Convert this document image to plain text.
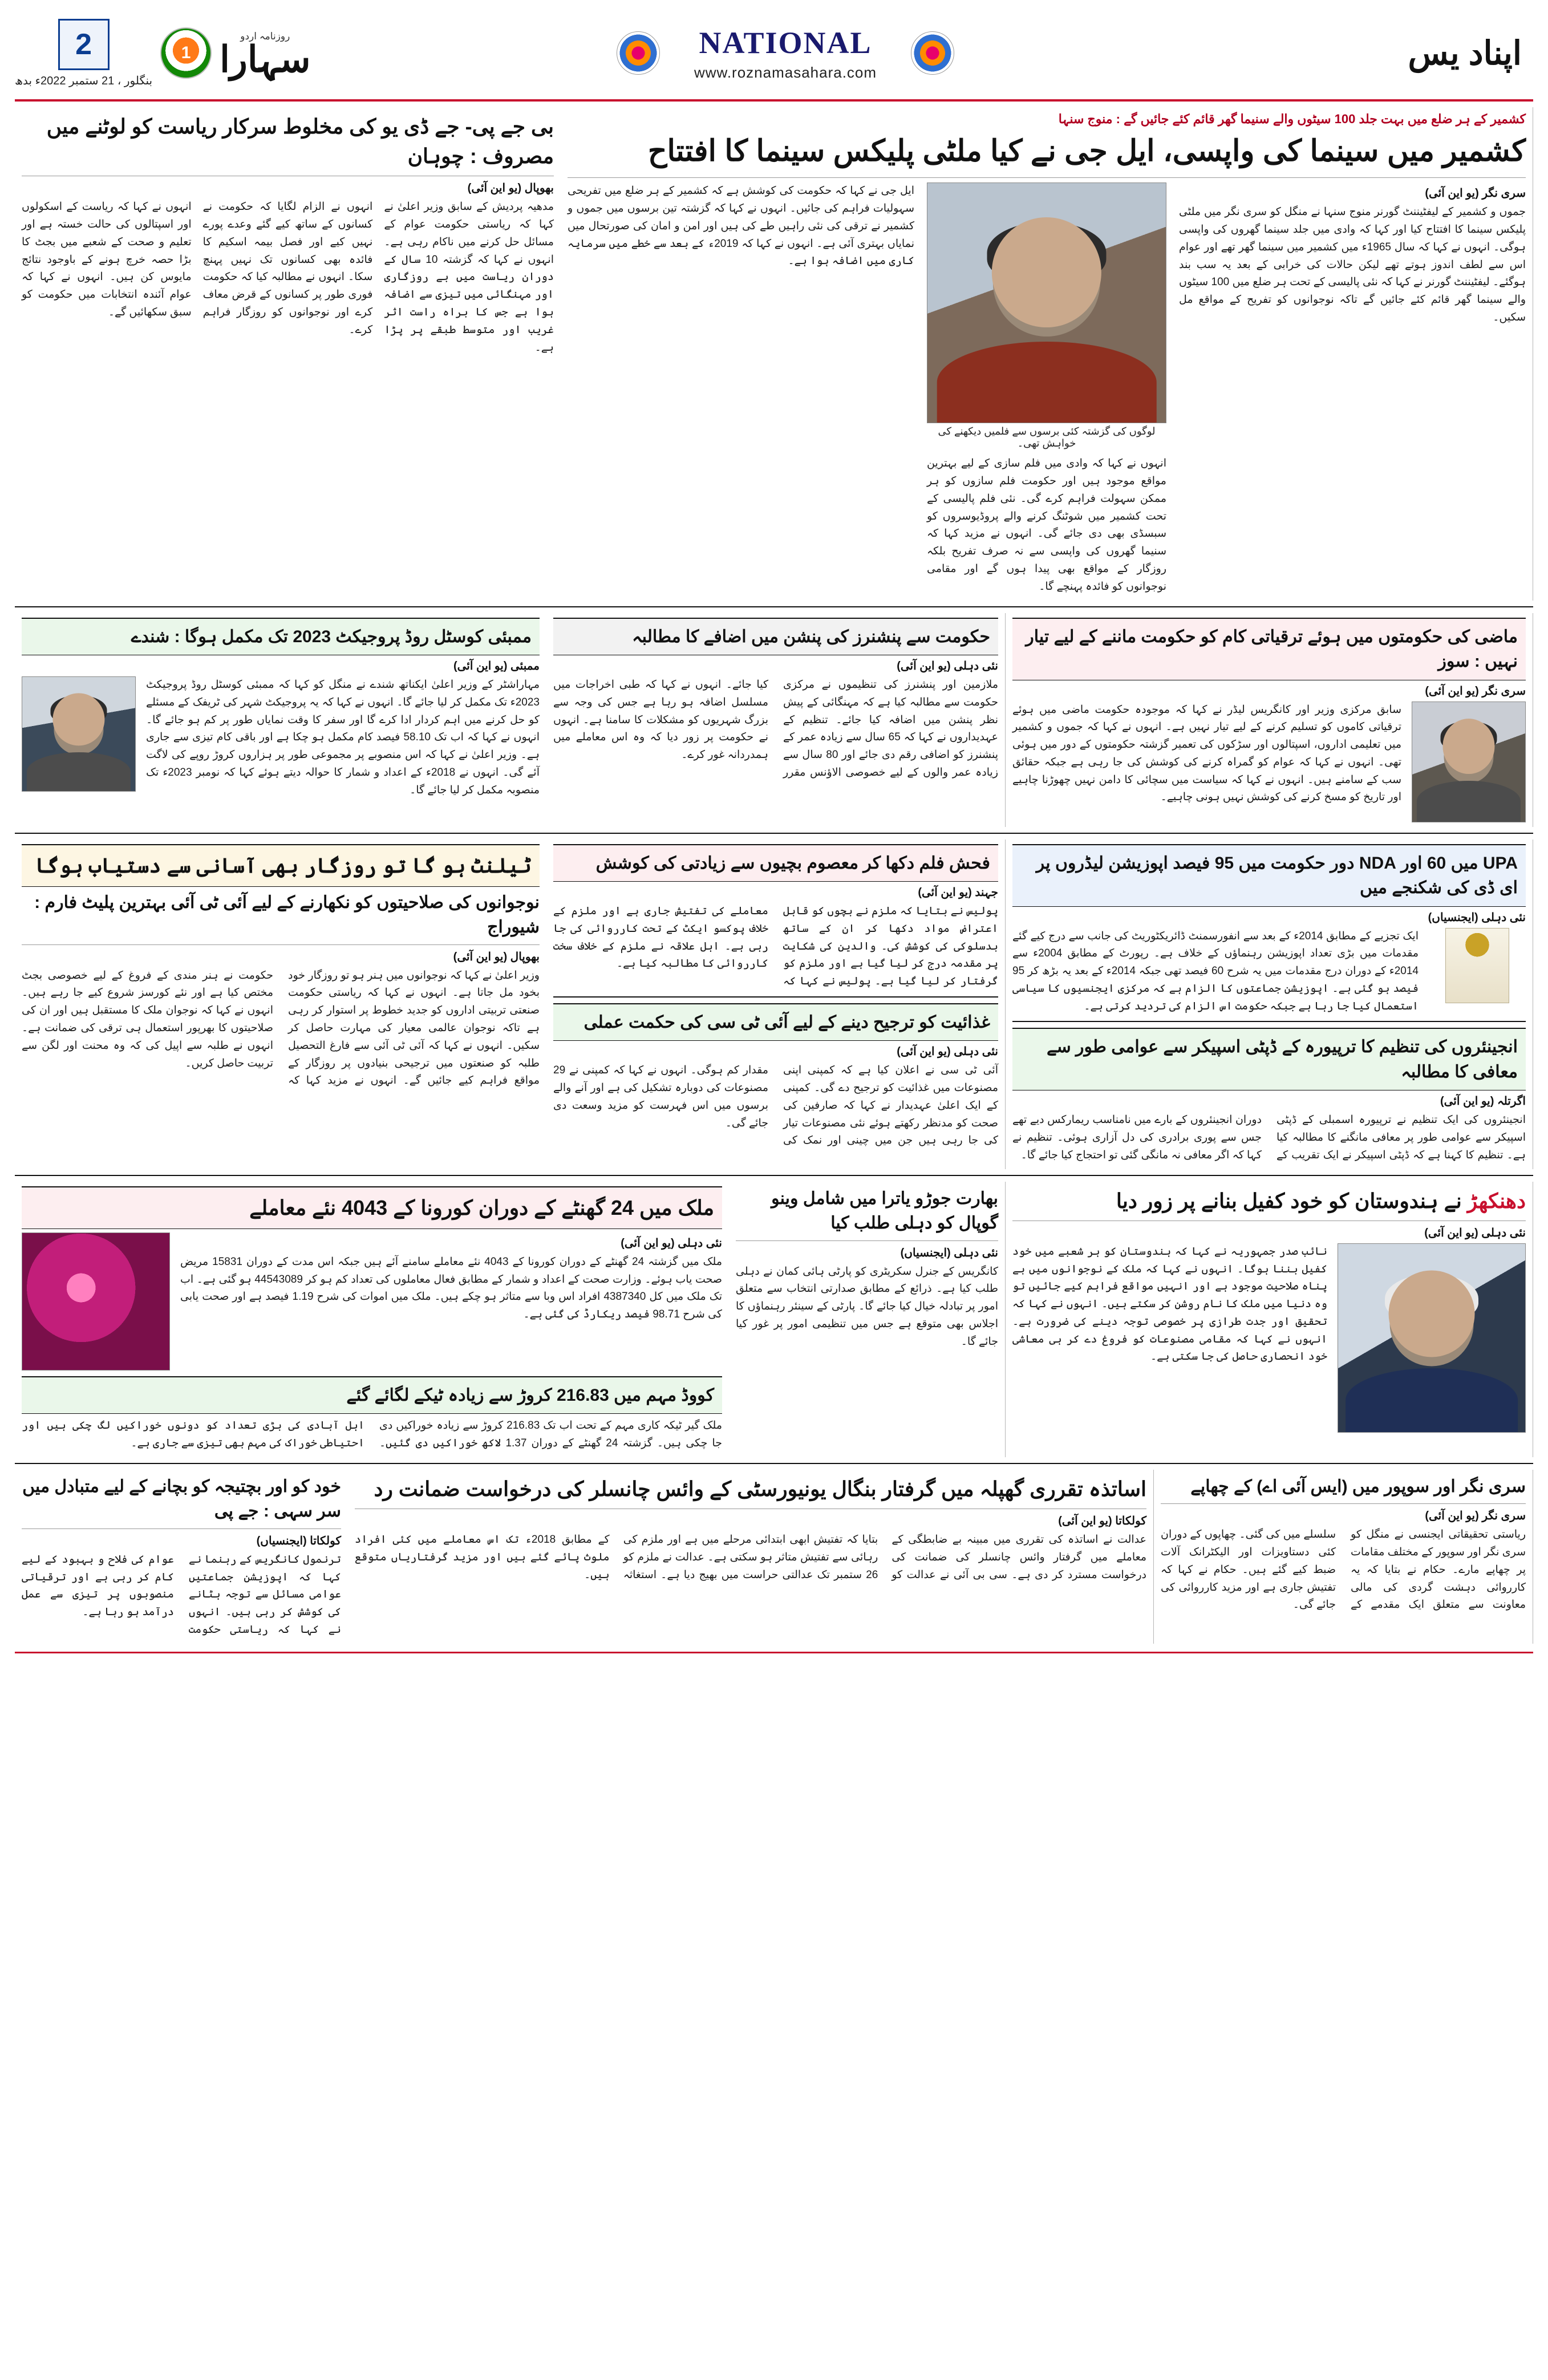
اپناد یس
NATIONAL
www.roznamasahara.com
روزنامہ اردو
سہارا
1
2
بنگلور ، 21 ستمبر 2022ء بدھ
کشمیر کے ہر ضلع میں بہت جلد 100 سیٹوں والے سنیما گھر قائم کئے جائیں گے : منوج سنہا
کشمیر میں سینما کی واپسی، ایل جی نے کیا ملٹی پلیکس سینما کا افتتاح
سری نگر (یو این آئی)
جموں و کشمیر کے لیفٹیننٹ گورنر منوج سنہا نے منگل کو سری نگر میں ملٹی پلیکس سینما کا افتتاح کیا اور کہا کہ وادی میں جلد سینما گھروں کی واپسی ہوگی۔ انہوں نے کہا کہ سال 1965ء میں کشمیر میں سینما گھر تھے اور عوام اس سے لطف اندوز ہوتے تھے لیکن حالات کی خرابی کے بعد یہ سب بند ہوگئے۔ لیفٹیننٹ گورنر نے کہا کہ نئی پالیسی کے تحت ہر ضلع میں 100 سیٹوں والے سینما گھر قائم کئے جائیں گے تاکہ نوجوانوں کو تفریح کے مواقع مل سکیں۔
لوگوں کی گزشتہ کئی برسوں سے فلمیں دیکھنے کی خواہش تھی۔
انہوں نے کہا کہ وادی میں فلم سازی کے لیے بہترین مواقع موجود ہیں اور حکومت فلم سازوں کو ہر ممکن سہولت فراہم کرے گی۔ نئی فلم پالیسی کے تحت کشمیر میں شوٹنگ کرنے والے پروڈیوسروں کو سبسڈی بھی دی جائے گی۔ انہوں نے مزید کہا کہ سنیما گھروں کی واپسی سے نہ صرف تفریح بلکہ روزگار کے مواقع بھی پیدا ہوں گے اور مقامی نوجوانوں کو فائدہ پہنچے گا۔
ایل جی نے کہا کہ حکومت کی کوشش ہے کہ کشمیر کے ہر ضلع میں تفریحی سہولیات فراہم کی جائیں۔ انہوں نے کہا کہ گزشتہ تین برسوں میں جموں و کشمیر نے ترقی کی نئی راہیں طے کی ہیں اور امن و امان کی صورتحال میں نمایاں بہتری آئی ہے۔ انہوں نے کہا کہ 2019ء کے بعد سے خطے میں سرمایہ کاری میں اضافہ ہوا ہے۔
بی جے پی- جے ڈی یو کی مخلوط سرکار ریاست کو لوٹنے میں مصروف : چوہان
بھوپال (یو این آئی)
مدھیہ پردیش کے سابق وزیر اعلیٰ نے کہا کہ ریاستی حکومت عوام کے مسائل حل کرنے میں ناکام رہی ہے۔ انہوں نے کہا کہ گزشتہ 10 سال کے دوران ریاست میں بے روزگاری اور مہنگائی میں تیزی سے اضافہ ہوا ہے جس کا براہ راست اثر غریب اور متوسط طبقے پر پڑا ہے۔
انہوں نے الزام لگایا کہ حکومت نے کسانوں کے ساتھ کیے گئے وعدے پورے نہیں کیے اور فصل بیمہ اسکیم کا فائدہ بھی کسانوں تک نہیں پہنچ سکا۔ انہوں نے مطالبہ کیا کہ حکومت فوری طور پر کسانوں کے قرض معاف کرے اور نوجوانوں کو روزگار فراہم کرے۔
انہوں نے کہا کہ ریاست کے اسکولوں اور اسپتالوں کی حالت خستہ ہے اور تعلیم و صحت کے شعبے میں بجٹ کا بڑا حصہ خرچ ہونے کے باوجود نتائج مایوس کن ہیں۔ انہوں نے کہا کہ عوام آئندہ انتخابات میں حکومت کو سبق سکھائیں گے۔
ماضی کی حکومتوں میں ہوئے ترقیاتی کام کو حکومت ماننے کے لیے تیار نہیں : سوز
سری نگر (یو این آئی)
سابق مرکزی وزیر اور کانگریس لیڈر نے کہا کہ موجودہ حکومت ماضی میں ہوئے ترقیاتی کاموں کو تسلیم کرنے کے لیے تیار نہیں ہے۔ انہوں نے کہا کہ جموں و کشمیر میں تعلیمی اداروں، اسپتالوں اور سڑکوں کی تعمیر گزشتہ حکومتوں کے دور میں ہوئی تھی۔ انہوں نے کہا کہ عوام کو گمراہ کرنے کی کوشش کی جا رہی ہے جبکہ حقائق سب کے سامنے ہیں۔ انہوں نے کہا کہ سیاست میں سچائی کا دامن نہیں چھوڑنا چاہیے اور تاریخ کو مسخ کرنے کی کوشش نہیں ہونی چاہیے۔
حکومت سے پنشنرز کی پنشن میں اضافے کا مطالبہ
نئی دہلی (یو این آئی)
ملازمین اور پنشنرز کی تنظیموں نے مرکزی حکومت سے مطالبہ کیا ہے کہ مہنگائی کے پیش نظر پنشن میں اضافہ کیا جائے۔ تنظیم کے عہدیداروں نے کہا کہ 65 سال سے زیادہ عمر کے پنشنرز کو اضافی رقم دی جائے اور 80 سال سے زیادہ عمر والوں کے لیے خصوصی الاؤنس مقرر کیا جائے۔ انہوں نے کہا کہ طبی اخراجات میں مسلسل اضافہ ہو رہا ہے جس کی وجہ سے بزرگ شہریوں کو مشکلات کا سامنا ہے۔ انہوں نے حکومت پر زور دیا کہ وہ اس معاملے میں ہمدردانہ غور کرے۔
ممبئی کوسٹل روڈ پروجیکٹ 2023 تک مکمل ہوگا : شندے
ممبئی (یو این آئی)
مہاراشٹر کے وزیر اعلیٰ ایکناتھ شندے نے منگل کو کہا کہ ممبئی کوسٹل روڈ پروجیکٹ 2023ء تک مکمل کر لیا جائے گا۔ انہوں نے کہا کہ یہ پروجیکٹ شہر کی ٹریفک کے مسئلے کو حل کرنے میں اہم کردار ادا کرے گا اور سفر کا وقت نمایاں طور پر کم ہو جائے گا۔ انہوں نے کہا کہ اب تک 58.10 فیصد کام مکمل ہو چکا ہے اور باقی کام تیزی سے جاری ہے۔ وزیر اعلیٰ نے کہا کہ اس منصوبے پر مجموعی طور پر ہزاروں کروڑ روپے کی لاگت آئے گی۔ انہوں نے 2018ء کے اعداد و شمار کا حوالہ دیتے ہوئے کہا کہ نومبر 2023ء تک منصوبہ مکمل کر لیا جائے گا۔
UPA میں 60 اور NDA دور حکومت میں 95 فیصد اپوزیشن لیڈروں پر ای ڈی کی شکنجے میں
نئی دہلی (ایجنسیاں)
ایک تجزیے کے مطابق 2014ء کے بعد سے انفورسمنٹ ڈائریکٹوریٹ کی جانب سے درج کیے گئے مقدمات میں بڑی تعداد اپوزیشن رہنماؤں کے خلاف ہے۔ رپورٹ کے مطابق 2004ء سے 2014ء کے دوران درج مقدمات میں یہ شرح 60 فیصد تھی جبکہ 2014ء کے بعد یہ بڑھ کر 95 فیصد ہو گئی ہے۔ اپوزیشن جماعتوں کا الزام ہے کہ مرکزی ایجنسیوں کا سیاسی استعمال کیا جا رہا ہے جبکہ حکومت اس الزام کی تردید کرتی ہے۔
انجینئروں کی تنظیم کا ترپیورہ کے ڈپٹی اسپیکر سے عوامی طور سے معافی کا مطالبہ
اگرتلہ (یو این آئی)
انجینئروں کی ایک تنظیم نے ترپیورہ اسمبلی کے ڈپٹی اسپیکر سے عوامی طور پر معافی مانگنے کا مطالبہ کیا ہے۔ تنظیم کا کہنا ہے کہ ڈپٹی اسپیکر نے ایک تقریب کے دوران انجینئروں کے بارے میں نامناسب ریمارکس دیے تھے جس سے پوری برادری کی دل آزاری ہوئی۔ تنظیم نے کہا کہ اگر معافی نہ مانگی گئی تو احتجاج کیا جائے گا۔
فحش فلم دکھا کر معصوم بچیوں سے زیادتی کی کوشش
جہند (یو این آئی)
پولیس نے بتایا کہ ملزم نے بچوں کو قابل اعتراض مواد دکھا کر ان کے ساتھ بدسلوکی کی کوشش کی۔ والدین کی شکایت پر مقدمہ درج کر لیا گیا ہے اور ملزم کو گرفتار کر لیا گیا ہے۔ پولیس نے کہا کہ معاملے کی تفتیش جاری ہے اور ملزم کے خلاف پوکسو ایکٹ کے تحت کارروائی کی جا رہی ہے۔ اہل علاقہ نے ملزم کے خلاف سخت کارروائی کا مطالبہ کیا ہے۔
غذائیت کو ترجیح دینے کے لیے آئی ٹی سی کی حکمت عملی
نئی دہلی (یو این آئی)
آئی ٹی سی نے اعلان کیا ہے کہ کمپنی اپنی مصنوعات میں غذائیت کو ترجیح دے گی۔ کمپنی کے ایک اعلیٰ عہدیدار نے کہا کہ صارفین کی صحت کو مدنظر رکھتے ہوئے نئی مصنوعات تیار کی جا رہی ہیں جن میں چینی اور نمک کی مقدار کم ہوگی۔ انہوں نے کہا کہ کمپنی نے 29 مصنوعات کی دوبارہ تشکیل کی ہے اور آنے والے برسوں میں اس فہرست کو مزید وسعت دی جائے گی۔
ٹیلنٹ ہو گا تو روزگار بھی آسانی سے دستیاب ہوگا
نوجوانوں کی صلاحیتوں کو نکھارنے کے لیے آئی ٹی آئی بہترین پلیٹ فارم : شیوراج
بھوپال (یو این آئی)
وزیر اعلیٰ نے کہا کہ نوجوانوں میں ہنر ہو تو روزگار خود بخود مل جاتا ہے۔ انہوں نے کہا کہ ریاستی حکومت صنعتی تربیتی اداروں کو جدید خطوط پر استوار کر رہی ہے تاکہ نوجوان عالمی معیار کی مہارت حاصل کر سکیں۔ انہوں نے کہا کہ آئی ٹی آئی سے فارغ التحصیل طلبہ کو صنعتوں میں ترجیحی بنیادوں پر روزگار کے مواقع فراہم کیے جائیں گے۔ انہوں نے مزید کہا کہ حکومت نے ہنر مندی کے فروغ کے لیے خصوصی بجٹ مختص کیا ہے اور نئے کورسز شروع کیے جا رہے ہیں۔ انہوں نے کہا کہ نوجوان ملک کا مستقبل ہیں اور ان کی صلاحیتوں کا بھرپور استعمال ہی ترقی کی ضمانت ہے۔ انہوں نے طلبہ سے اپیل کی کہ وہ محنت اور لگن سے تربیت حاصل کریں۔
دھنکھڑ نے ہندوستان کو خود کفیل بنانے پر زور دیا
نئی دہلی (یو این آئی)
نائب صدر جمہوریہ نے کہا کہ ہندوستان کو ہر شعبے میں خود کفیل بننا ہوگا۔ انہوں نے کہا کہ ملک کے نوجوانوں میں بے پناہ صلاحیت موجود ہے اور انہیں مواقع فراہم کیے جائیں تو وہ دنیا میں ملک کا نام روشن کر سکتے ہیں۔ انہوں نے کہا کہ تحقیق اور جدت طرازی پر خصوصی توجہ دینے کی ضرورت ہے۔ انہوں نے کہا کہ مقامی مصنوعات کو فروغ دے کر ہی معاشی خود انحصاری حاصل کی جا سکتی ہے۔
بھارت جوڑو یاترا میں شامل وینو گوپال کو دہلی طلب کیا
نئی دہلی (ایجنسیاں)
کانگریس کے جنرل سکریٹری کو پارٹی ہائی کمان نے دہلی طلب کیا ہے۔ ذرائع کے مطابق صدارتی انتخاب سے متعلق امور پر تبادلہ خیال کیا جائے گا۔ پارٹی کے سینئر رہنماؤں کا اجلاس بھی متوقع ہے جس میں تنظیمی امور پر غور کیا جائے گا۔
ملک میں 24 گھنٹے کے دوران کورونا کے 4043 نئے معاملے
نئی دہلی (یو این آئی)
ملک میں گزشتہ 24 گھنٹے کے دوران کورونا کے 4043 نئے معاملے سامنے آئے ہیں جبکہ اس مدت کے دوران 15831 مریض صحت یاب ہوئے۔ وزارت صحت کے اعداد و شمار کے مطابق فعال معاملوں کی تعداد کم ہو کر 44543089 ہو گئی ہے۔ اب تک ملک میں کل 4387340 افراد اس وبا سے متاثر ہو چکے ہیں۔ ملک میں اموات کی شرح 1.19 فیصد ہے اور صحت یابی کی شرح 98.71 فیصد ریکارڈ کی گئی ہے۔
کووڈ مہم میں 216.83 کروڑ سے زیادہ ٹیکے لگائے گئے
ملک گیر ٹیکہ کاری مہم کے تحت اب تک 216.83 کروڑ سے زیادہ خوراکیں دی جا چکی ہیں۔ گزشتہ 24 گھنٹے کے دوران 1.37 لاکھ خوراکیں دی گئیں۔ اہل آبادی کی بڑی تعداد کو دونوں خوراکیں لگ چکی ہیں اور احتیاطی خوراک کی مہم بھی تیزی سے جاری ہے۔
سری نگر اور سوپور میں (ایس آئی اے) کے چھاپے
سری نگر (یو این آئی)
ریاستی تحقیقاتی ایجنسی نے منگل کو سری نگر اور سوپور کے مختلف مقامات پر چھاپے مارے۔ حکام نے بتایا کہ یہ کارروائی دہشت گردی کی مالی معاونت سے متعلق ایک مقدمے کے سلسلے میں کی گئی۔ چھاپوں کے دوران کئی دستاویزات اور الیکٹرانک آلات ضبط کیے گئے ہیں۔ حکام نے کہا کہ تفتیش جاری ہے اور مزید کارروائی کی جائے گی۔
اساتذہ تقرری گھپلہ میں گرفتار بنگال یونیورسٹی کے وائس چانسلر کی درخواست ضمانت رد
کولکاتا (یو این آئی)
عدالت نے اساتذہ کی تقرری میں مبینہ بے ضابطگی کے معاملے میں گرفتار وائس چانسلر کی ضمانت کی درخواست مسترد کر دی ہے۔ سی بی آئی نے عدالت کو بتایا کہ تفتیش ابھی ابتدائی مرحلے میں ہے اور ملزم کی رہائی سے تفتیش متاثر ہو سکتی ہے۔ عدالت نے ملزم کو 26 ستمبر تک عدالتی حراست میں بھیج دیا ہے۔ استغاثہ کے مطابق 2018ء تک اس معاملے میں کئی افراد ملوث پائے گئے ہیں اور مزید گرفتاریاں متوقع ہیں۔
خود کو اور بچتیجہ کو بچانے کے لیے متبادل میں سر سہی : جے پی
کولکاتا (ایجنسیاں)
ترنمول کانگریس کے رہنما نے کہا کہ اپوزیشن جماعتیں عوامی مسائل سے توجہ ہٹانے کی کوشش کر رہی ہیں۔ انہوں نے کہا کہ ریاستی حکومت عوام کی فلاح و بہبود کے لیے کام کر رہی ہے اور ترقیاتی منصوبوں پر تیزی سے عمل درآمد ہو رہا ہے۔
